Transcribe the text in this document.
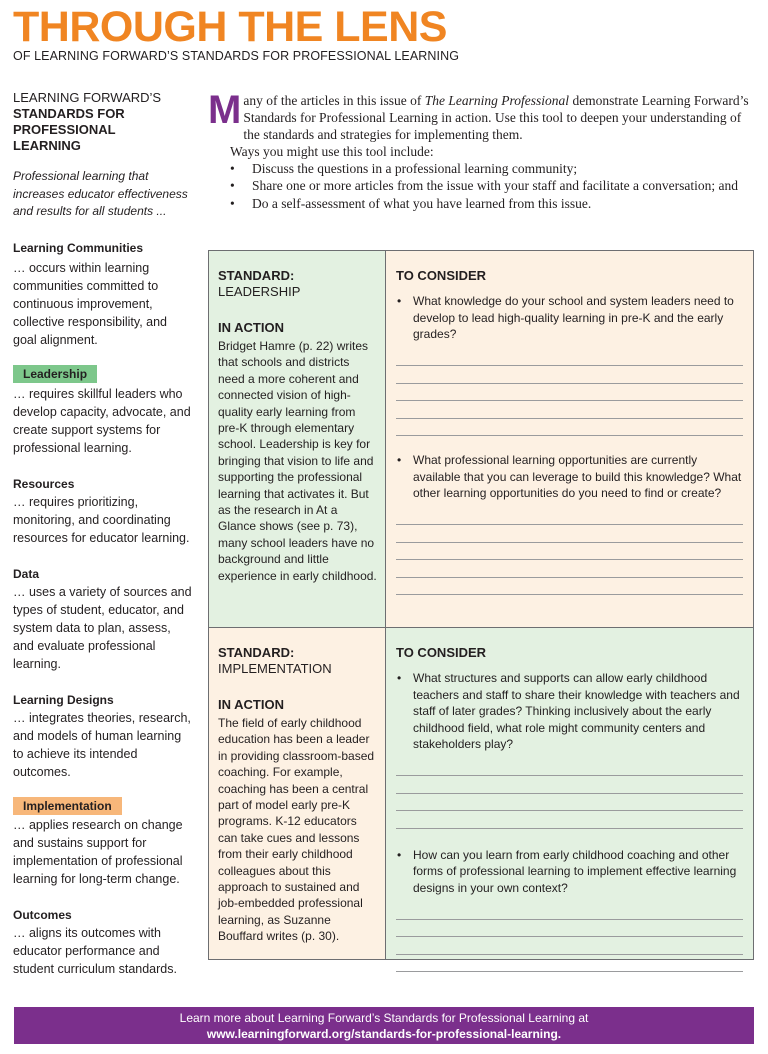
THROUGH THE LENS
OF LEARNING FORWARD’S STANDARDS FOR PROFESSIONAL LEARNING
LEARNING FORWARD’S
STANDARDS FOR PROFESSIONAL LEARNING
Professional learning that increases educator effectiveness and results for all students ...
Learning Communities
… occurs within learning communities committed to continuous improvement, collective responsibility, and goal alignment.
Leadership
… requires skillful leaders who develop capacity, advocate, and create support systems for professional learning.
Resources
… requires prioritizing, monitoring, and coordinating resources for educator learning.
Data
… uses a variety of sources and types of student, educator, and system data to plan, assess, and evaluate professional learning.
Learning Designs
… integrates theories, research, and models of human learning to achieve its intended outcomes.
Implementation
… applies research on change and sustains support for implementation of professional learning for long-term change.
Outcomes
… aligns its outcomes with educator performance and student curriculum standards.
Many of the articles in this issue of The Learning Professional demonstrate Learning Forward’s Standards for Professional Learning in action. Use this tool to deepen your understanding of the standards and strategies for implementing them.
Ways you might use this tool include:
• Discuss the questions in a professional learning community;
• Share one or more articles from the issue with your staff and facilitate a conversation; and
• Do a self-assessment of what you have learned from this issue.
STANDARD:
LEADERSHIP
IN ACTION
Bridget Hamre (p. 22) writes that schools and districts need a more coherent and connected vision of high-quality early learning from pre-K through elementary school. Leadership is key for bringing that vision to life and supporting the professional learning that activates it. But as the research in At a Glance shows (see p. 73), many school leaders have no background and little experience in early childhood.
TO CONSIDER
• What knowledge do your school and system leaders need to develop to lead high-quality learning in pre-K and the early grades?
• What professional learning opportunities are currently available that you can leverage to build this knowledge? What other learning opportunities do you need to find or create?
STANDARD:
IMPLEMENTATION
IN ACTION
The field of early childhood education has been a leader in providing classroom-based coaching. For example, coaching has been a central part of model early pre-K programs. K-12 educators can take cues and lessons from their early childhood colleagues about this approach to sustained and job-embedded professional learning, as Suzanne Bouffard writes (p. 30).
TO CONSIDER
• What structures and supports can allow early childhood teachers and staff to share their knowledge with teachers and staff of later grades? Thinking inclusively about the early childhood field, what role might community centers and stakeholders play?
• How can you learn from early childhood coaching and other forms of professional learning to implement effective learning designs in your own context?
Learn more about Learning Forward’s Standards for Professional Learning at
www.learningforward.org/standards-for-professional-learning.
